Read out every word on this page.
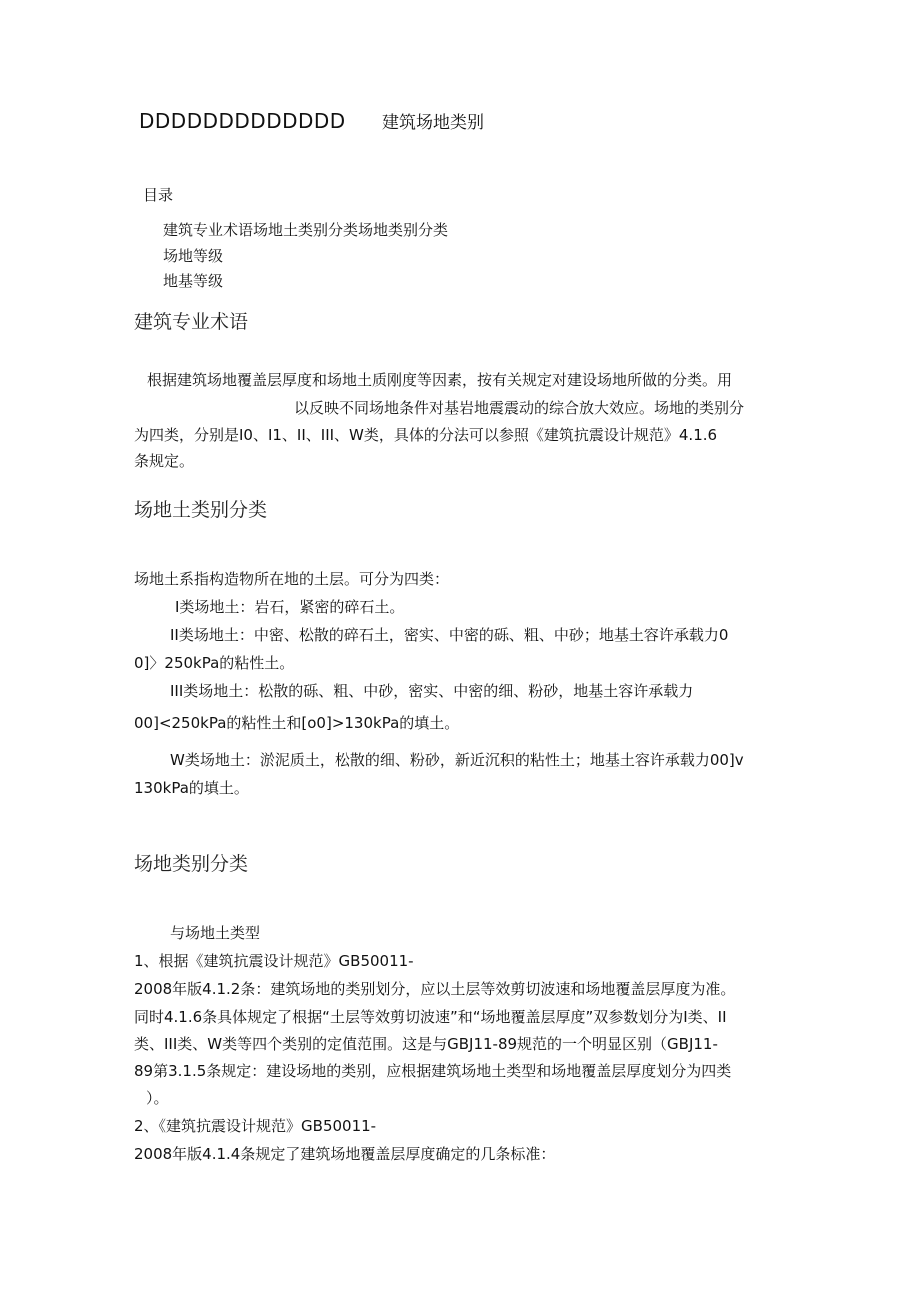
DDDDDDDDDDDDD 建筑场地类别
目录
建筑专业术语场地土类别分类场地类别分类
场地等级
地基等级
建筑专业术语
根据建筑场地覆盖层厚度和场地土质刚度等因素，按有关规定对建设场地所做的分类。用
以反映不同场地条件对基岩地震震动的综合放大效应。场地的类别分
为四类，分别是I0、I1、II、III、W类，具体的分法可以参照《建筑抗震设计规范》4.1.6
条规定。
场地土类别分类
场地土系指构造物所在地的土层。可分为四类：
I类场地土：岩石，紧密的碎石土。
II类场地土：中密、松散的碎石土，密实、中密的砾、粗、中砂；地基土容许承载力0
0]〉250kPa的粘性土。
III类场地土：松散的砾、粗、中砂，密实、中密的细、粉砂，地基土容许承载力
00]<250kPa的粘性土和[o0]>130kPa的填土。
W类场地土：淤泥质土，松散的细、粉砂，新近沉积的粘性土；地基土容许承载力00]v
130kPa的填土。
场地类别分类
与场地土类型
1、根据《建筑抗震设计规范》GB50011-
2008年版4.1.2条：建筑场地的类别划分，应以土层等效剪切波速和场地覆盖层厚度为准。
同时4.1.6条具体规定了根据“土层等效剪切波速”和“场地覆盖层厚度”双参数划分为I类、II
类、III类、W类等四个类别的定值范围。这是与GBJ11-89规范的一个明显区别（GBJ11-
89第3.1.5条规定：建设场地的类别，应根据建筑场地土类型和场地覆盖层厚度划分为四类
）。
2、《建筑抗震设计规范》GB50011-
2008年版4.1.4条规定了建筑场地覆盖层厚度确定的几条标准：
